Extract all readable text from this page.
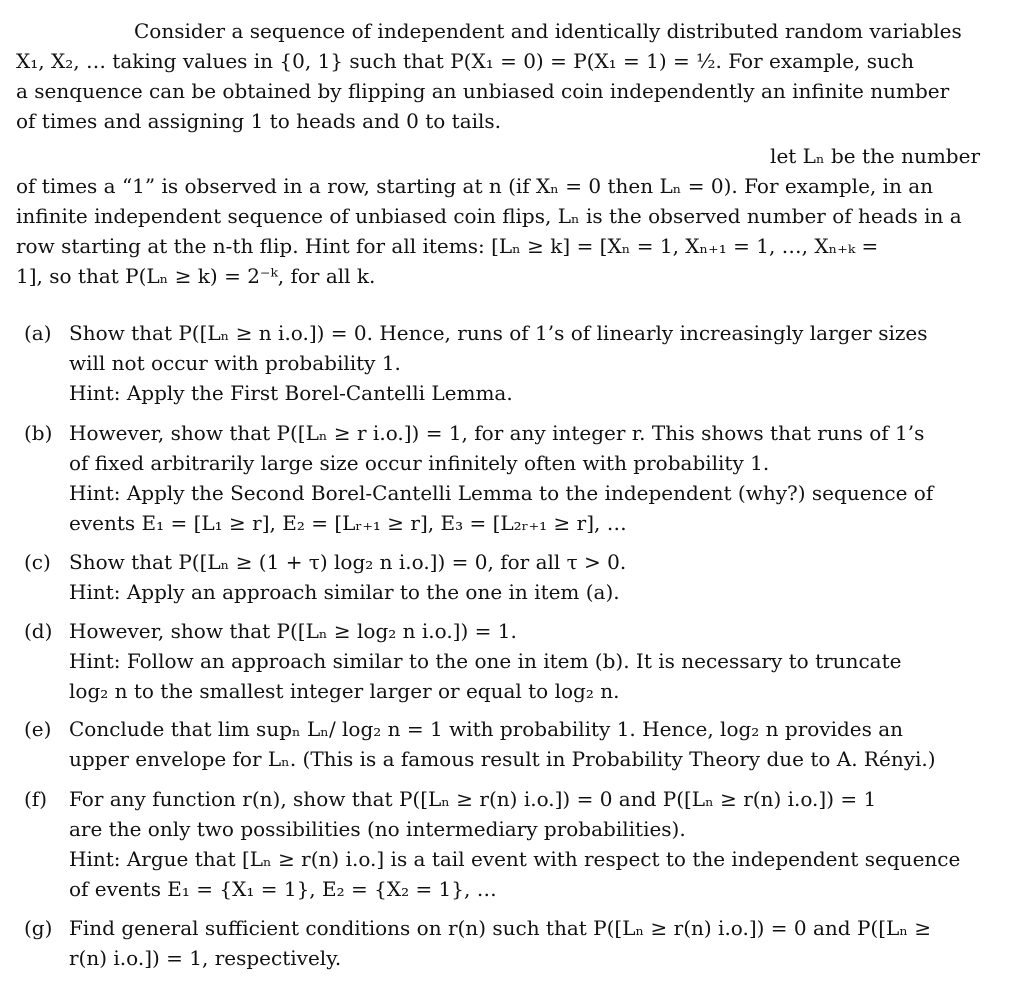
Consider a sequence of independent and identically distributed random variables
X₁, X₂, … taking values in {0, 1} such that P(X₁ = 0) = P(X₁ = 1) = ½. For example, such
a senquence can be obtained by flipping an unbiased coin independently an infinite number
of times and assigning 1 to heads and 0 to tails.
let Lₙ be the number
of times a “1” is observed in a row, starting at n (if Xₙ = 0 then Lₙ = 0). For example, in an
infinite independent sequence of unbiased coin flips, Lₙ is the observed number of heads in a
row starting at the n-th flip. Hint for all items: [Lₙ ≥ k] = [Xₙ = 1, Xₙ₊₁ = 1, …, Xₙ₊ₖ =
1], so that P(Lₙ ≥ k) = 2⁻ᵏ, for all k.
(a) Show that P([Lₙ ≥ n i.o.]) = 0. Hence, runs of 1’s of linearly increasingly larger sizes
will not occur with probability 1.
Hint: Apply the First Borel-Cantelli Lemma.
(b) However, show that P([Lₙ ≥ r i.o.]) = 1, for any integer r. This shows that runs of 1’s
of fixed arbitrarily large size occur infinitely often with probability 1.
Hint: Apply the Second Borel-Cantelli Lemma to the independent (why?) sequence of
events E₁ = [L₁ ≥ r], E₂ = [Lᵣ₊₁ ≥ r], E₃ = [L₂ᵣ₊₁ ≥ r], …
(c) Show that P([Lₙ ≥ (1 + τ) log₂ n i.o.]) = 0, for all τ > 0.
Hint: Apply an approach similar to the one in item (a).
(d) However, show that P([Lₙ ≥ log₂ n i.o.]) = 1.
Hint: Follow an approach similar to the one in item (b). It is necessary to truncate
log₂ n to the smallest integer larger or equal to log₂ n.
(e) Conclude that lim supₙ Lₙ/ log₂ n = 1 with probability 1. Hence, log₂ n provides an
upper envelope for Lₙ. (This is a famous result in Probability Theory due to A. Rényi.)
(f)	For any function r(n), show that P([Lₙ ≥ r(n) i.o.]) = 0 and P([Lₙ ≥ r(n) i.o.]) = 1
are the only two possibilities (no intermediary probabilities).
Hint: Argue that [Lₙ ≥ r(n) i.o.] is a tail event with respect to the independent sequence
of events E₁ = {X₁ = 1}, E₂ = {X₂ = 1}, …
(g) Find general sufficient conditions on r(n) such that P([Lₙ ≥ r(n) i.o.]) = 0 and P([Lₙ ≥
r(n) i.o.]) = 1, respectively.
